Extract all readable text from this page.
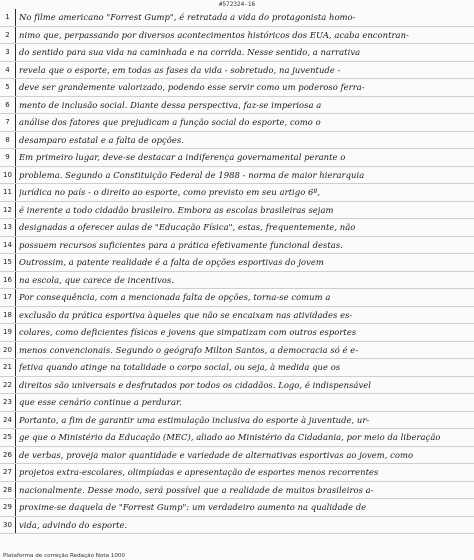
#572324-16
1	No filme americano "Forrest Gump", é retratada a vida do protagonista homo-
2	nimo que, perpassando por diversos acontecimentos históricos dos EUA, acaba encontran-
3	do sentido para sua vida na caminhada e na corrida. Nesse sentido, a narrativa
4	revela que o esporte, em todas as fases da vida - sobretudo, na juventude -
5	deve ser grandemente valorizado, podendo esse servir como um poderoso ferra-
6	mento de inclusão social. Diante dessa perspectiva, faz-se imperiosa a
7	análise dos fatores que prejudicam a função social do esporte, como o
8	desamparo estatal e a falta de opções.
9	Em primeiro lugar, deve-se destacar a indiferença governamental perante o
10 problema. Segundo a Constituição Federal de 1988 - norma de maior hierarquia
11 jurídica no país - o direito ao esporte, como previsto em seu artigo 6º,
12 é inerente a todo cidadão brasileiro. Embora as escolas brasileiras sejam
13 designadas a oferecer aulas de "Educação Física", estas, frequentemente, não
14 possuem recursos suficientes para a prática efetivamente funcional destas.
15 Outrossim, a patente realidade é a falta de opções esportivas do jovem
16 na escola, que carece de incentivos.
17 Por consequência, com a mencionada falta de opções, torna-se comum a
18 exclusão da prática esportiva àqueles que não se encaixam nas atividades es-
19 colares, como deficientes físicos e jovens que simpatizam com outros esportes
20 menos convencionais. Segundo o geógrafo Milton Santos, a democracia só é e-
21 fetiva quando atinge na totalidade o corpo social, ou seja, à medida que os
22 direitos são universais e desfrutados por todos os cidadãos. Logo, é indispensável
23 que esse cenário continue a perdurar.
24 Portanto, a fim de garantir uma estimulação inclusiva do esporte à juventude, ur-
25 ge que o Ministério da Educação (MEC), aliado ao Ministério da Cidadania, por meio da liberação
26 de verbas, proveja maior quantidade e variedade de alternativas esportivas ao jovem, como
27 projetos extra-escolares, olimpíadas e apresentação de esportes menos recorrentes
28 nacionalmente. Desse modo, será possível que a realidade de muitos brasileiros a-
29 proxime-se daquela de "Forrest Gump": um verdadeiro aumento na qualidade de
30 vida, advindo do esporte.
Plataforma de correção Redação Nota 1000
